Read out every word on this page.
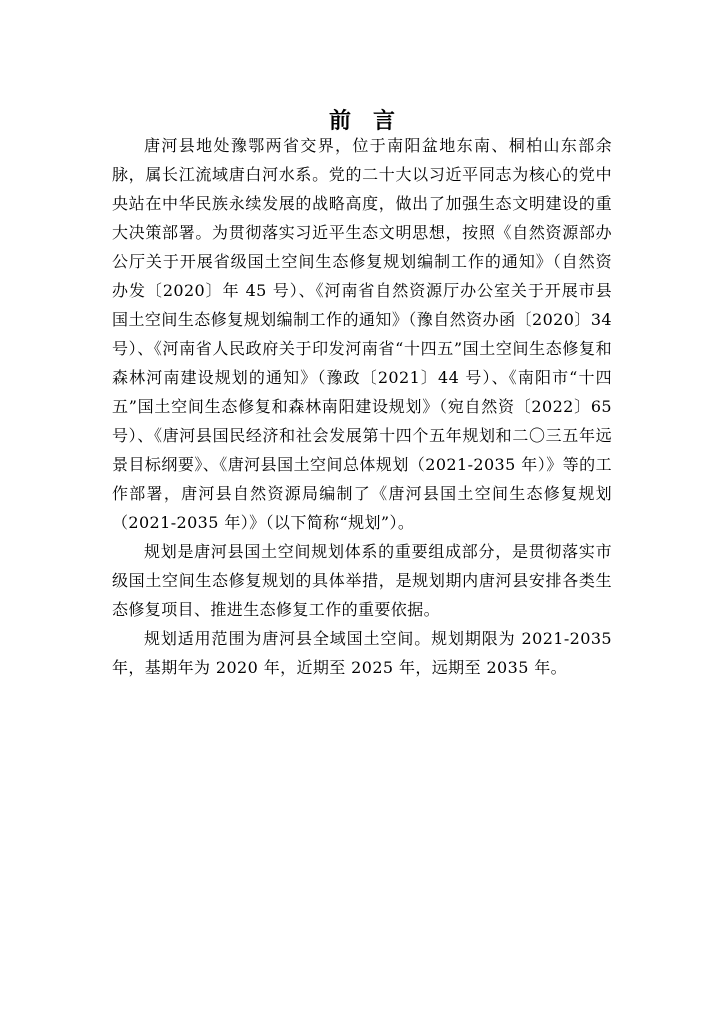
前言

唐河县地处豫鄂两省交界，位于南阳盆地东南、桐柏山东部余脉，属长江流域唐白河水系。党的二十大以习近平同志为核心的党中央站在中华民族永续发展的战略高度，做出了加强生态文明建设的重大决策部署。为贯彻落实习近平生态文明思想，按照《自然资源部办公厅关于开展省级国土空间生态修复规划编制工作的通知》（自然资办发〔2020〕年 45 号）、《河南省自然资源厅办公室关于开展市县国土空间生态修复规划编制工作的通知》（豫自然资办函〔2020〕34 号）、《河南省人民政府关于印发河南省“十四五”国土空间生态修复和森林河南建设规划的通知》（豫政〔2021〕44 号）、《南阳市“十四五”国土空间生态修复和森林南阳建设规划》（宛自然资〔2022〕65 号）、《唐河县国民经济和社会发展第十四个五年规划和二〇三五年远景目标纲要》、《唐河县国土空间总体规划（2021-2035 年）》等的工作部署，唐河县自然资源局编制了《唐河县国土空间生态修复规划（2021-2035 年）》（以下简称“规划”）。

规划是唐河县国土空间规划体系的重要组成部分，是贯彻落实市级国土空间生态修复规划的具体举措，是规划期内唐河县安排各类生态修复项目、推进生态修复工作的重要依据。

规划适用范围为唐河县全域国土空间。规划期限为 2021-2035 年，基期年为 2020 年，近期至 2025 年，远期至 2035 年。
